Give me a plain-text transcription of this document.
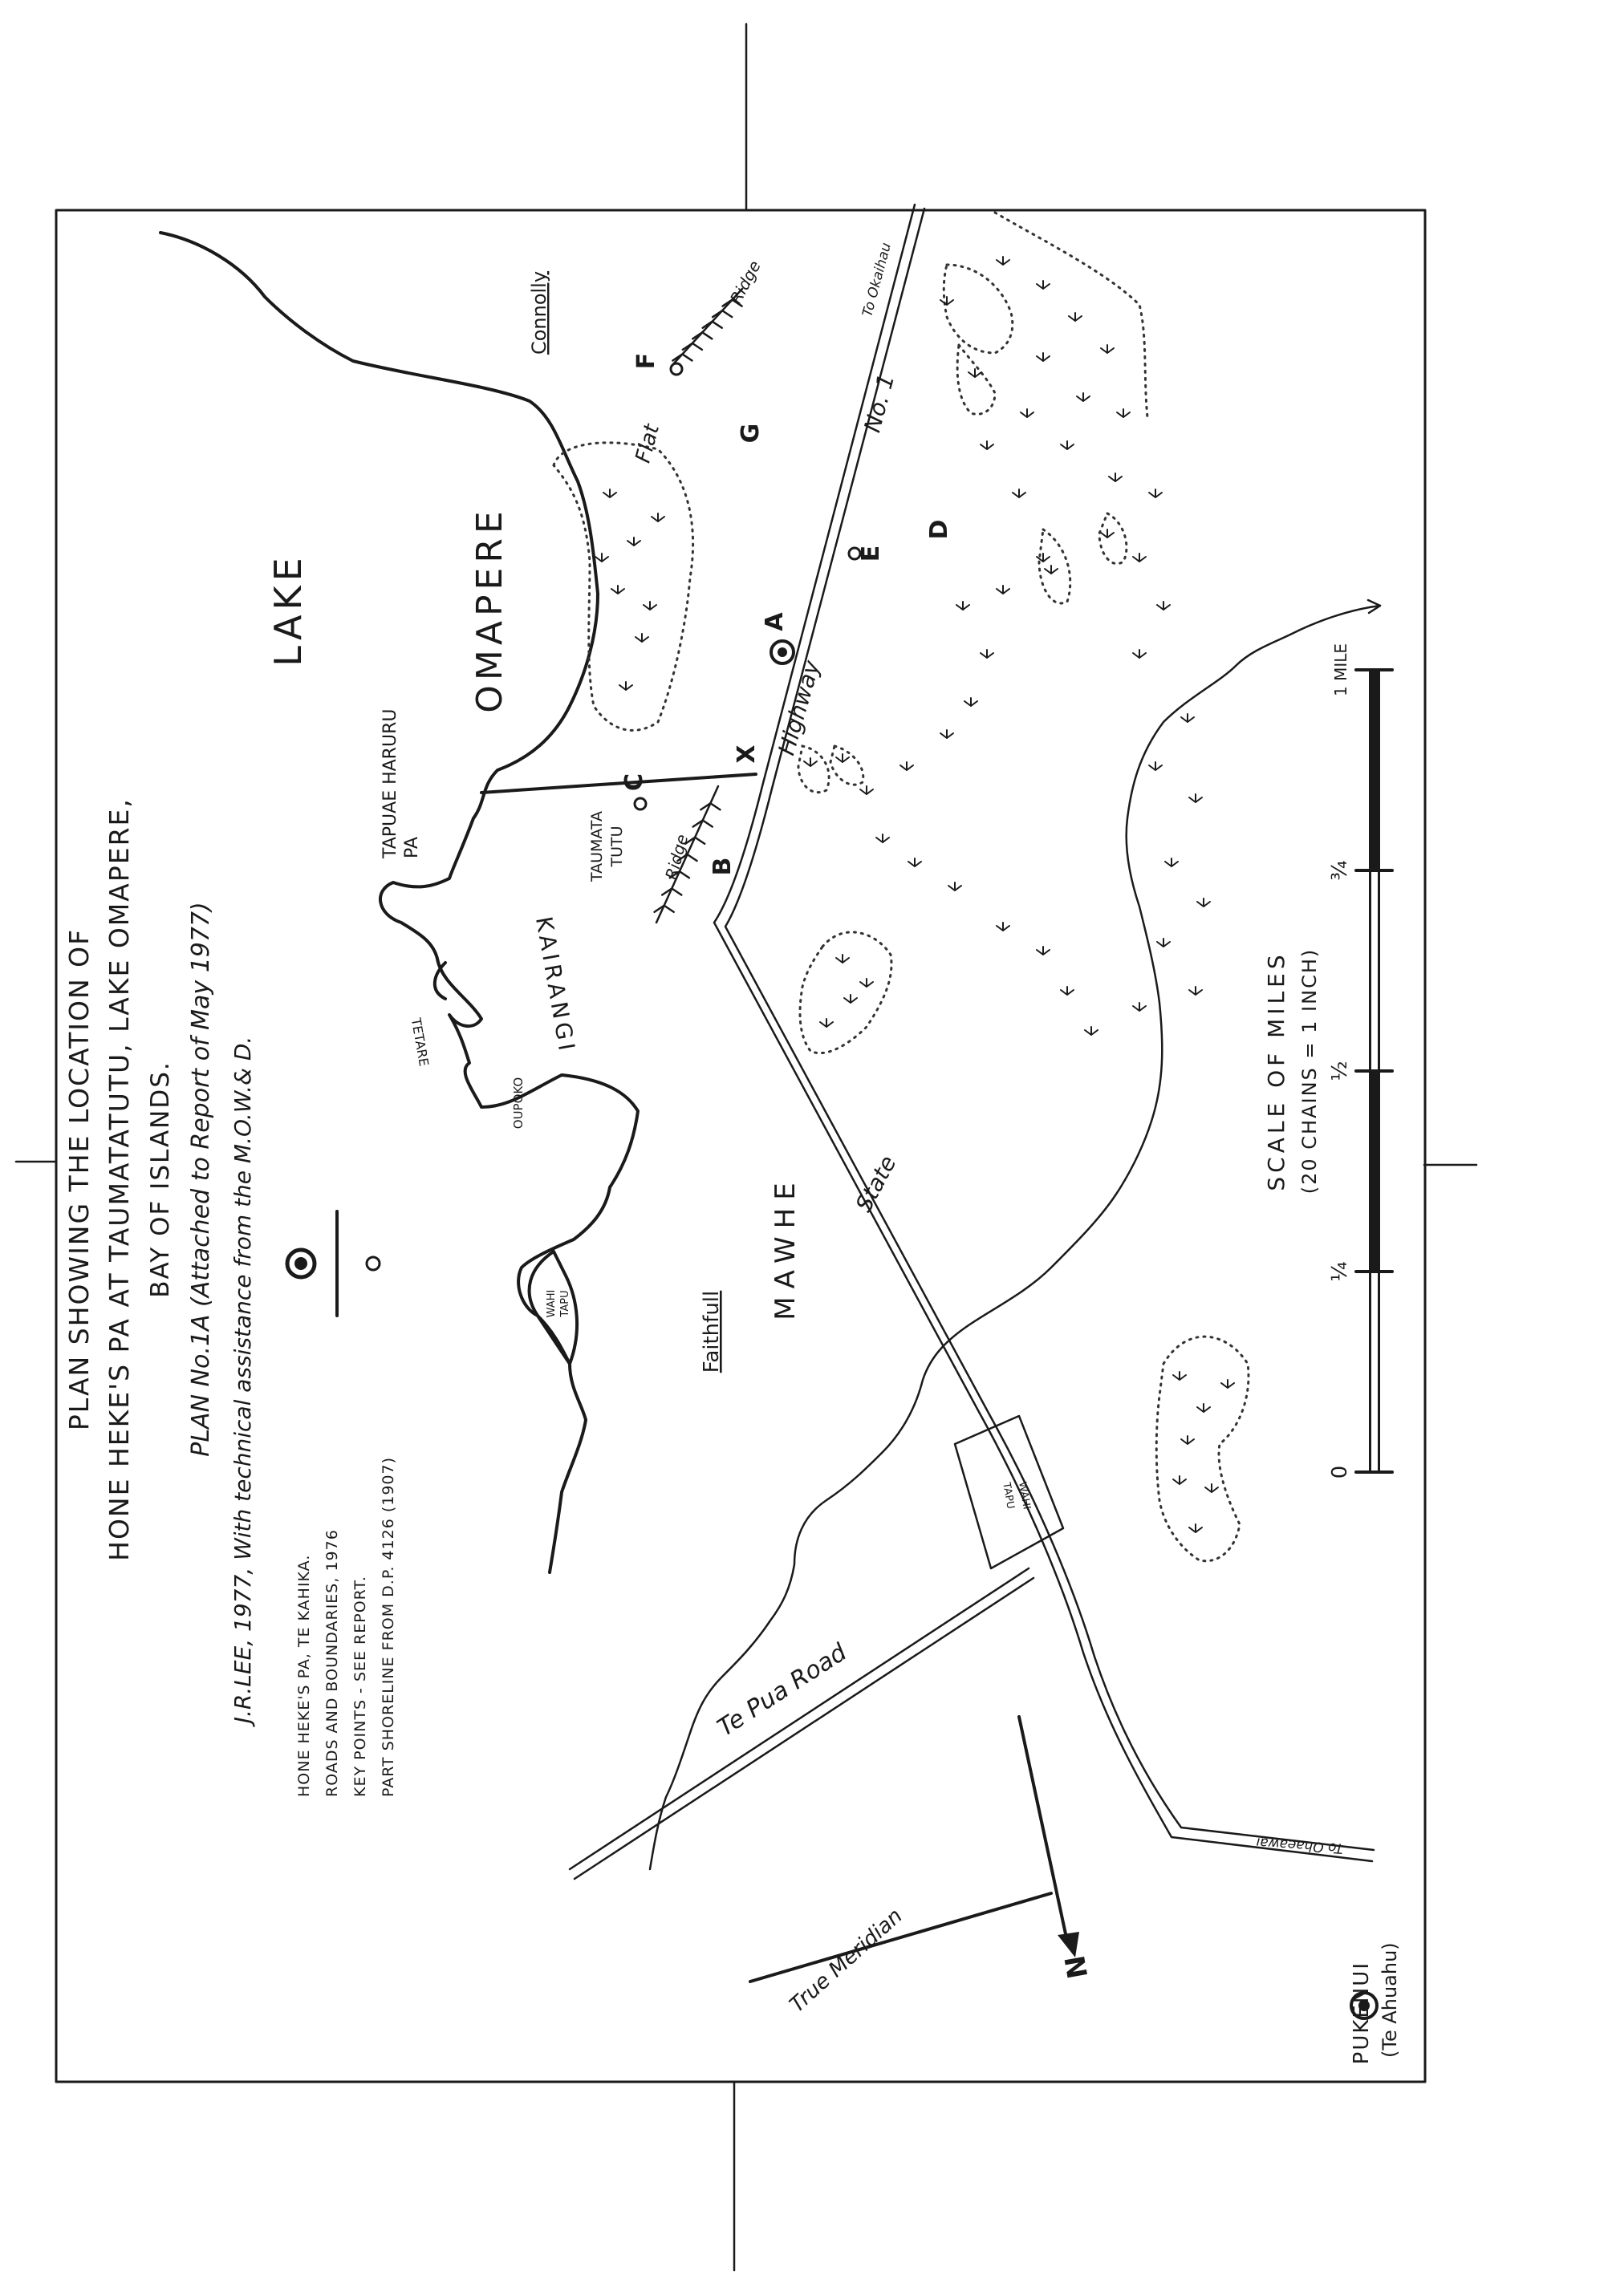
PLAN SHOWING THE LOCATION OF HONE HEKE'S PA AT TAUMATATUTU, LAKE OMAPERE, BAY OF ISLANDS. PLAN No.1A (Attached to Report of May 1977) J.R.LEE, 1977, With technical assistance from the M.O.W.& D.	HONE HEKE'S PA, TE KAHIKA. ROADS AND BOUNDARIES, 1976 KEY POINTS - SEE REPORT. PART SHORELINE FROM D.P. 4126 (1907)
LAKE	OMAPERE
TAPUAE HARURU PA
KAIRANGI
TETARE
OUPOKO
WAHI TAPU
WAHI
TAPU
Faithfull
MAWHE State
Highway
No. 1
To Okaihau
To Ohaeawai
Te Pua Road
Connolly
Flat
Ridge
TAUMATA TUTU Ridge
True Meridian	N	PUKENUI (Te Ahuahu)
A
B
C
D
E
F
G
X
SCALE OF MILES (20 CHAINS = 1 INCH)
0
¼
½
¾
1 MILE
